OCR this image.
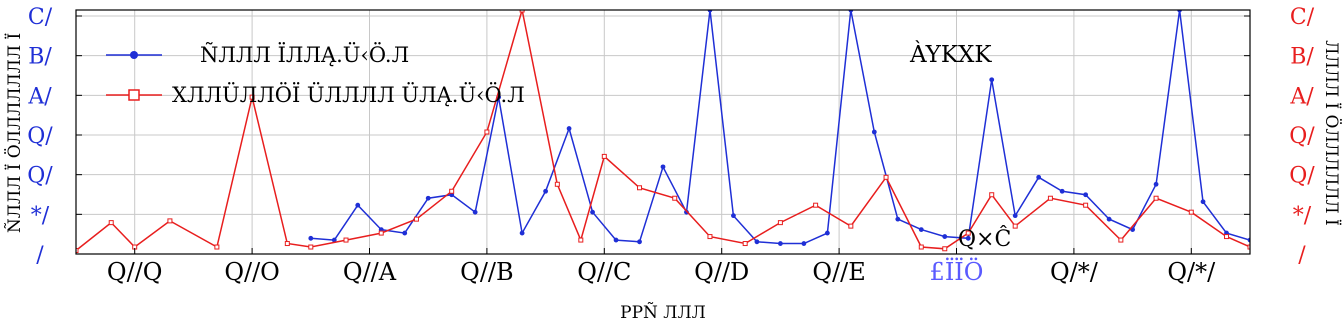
Q//Q	Q//O	Q//A	Q//B	Q//C	Q//D	Q//E	£ÏÏÖ	Q/*/	Q/*/
/	/
*/	*/
Q/	Q/
Q/	Q/
A/	A/
B/	B/
C/	C/
ÑЛЛЛ ÏЛЛĄ.Ü‹Ö.Л
XЛЛÜЛЛÖÏ ÜЛЛЛЛ ÜЛĄ.Ü‹Ö.Л
ÀYKXK
Q×Ĉ
PPÑ ЛЛЛ
ÑЛЛЛ Ï ÖЛЛЛЛЛЛЛ Ï	ЛЛЛЛ Ï ÖЛЛЛЛЛЛ Ï
